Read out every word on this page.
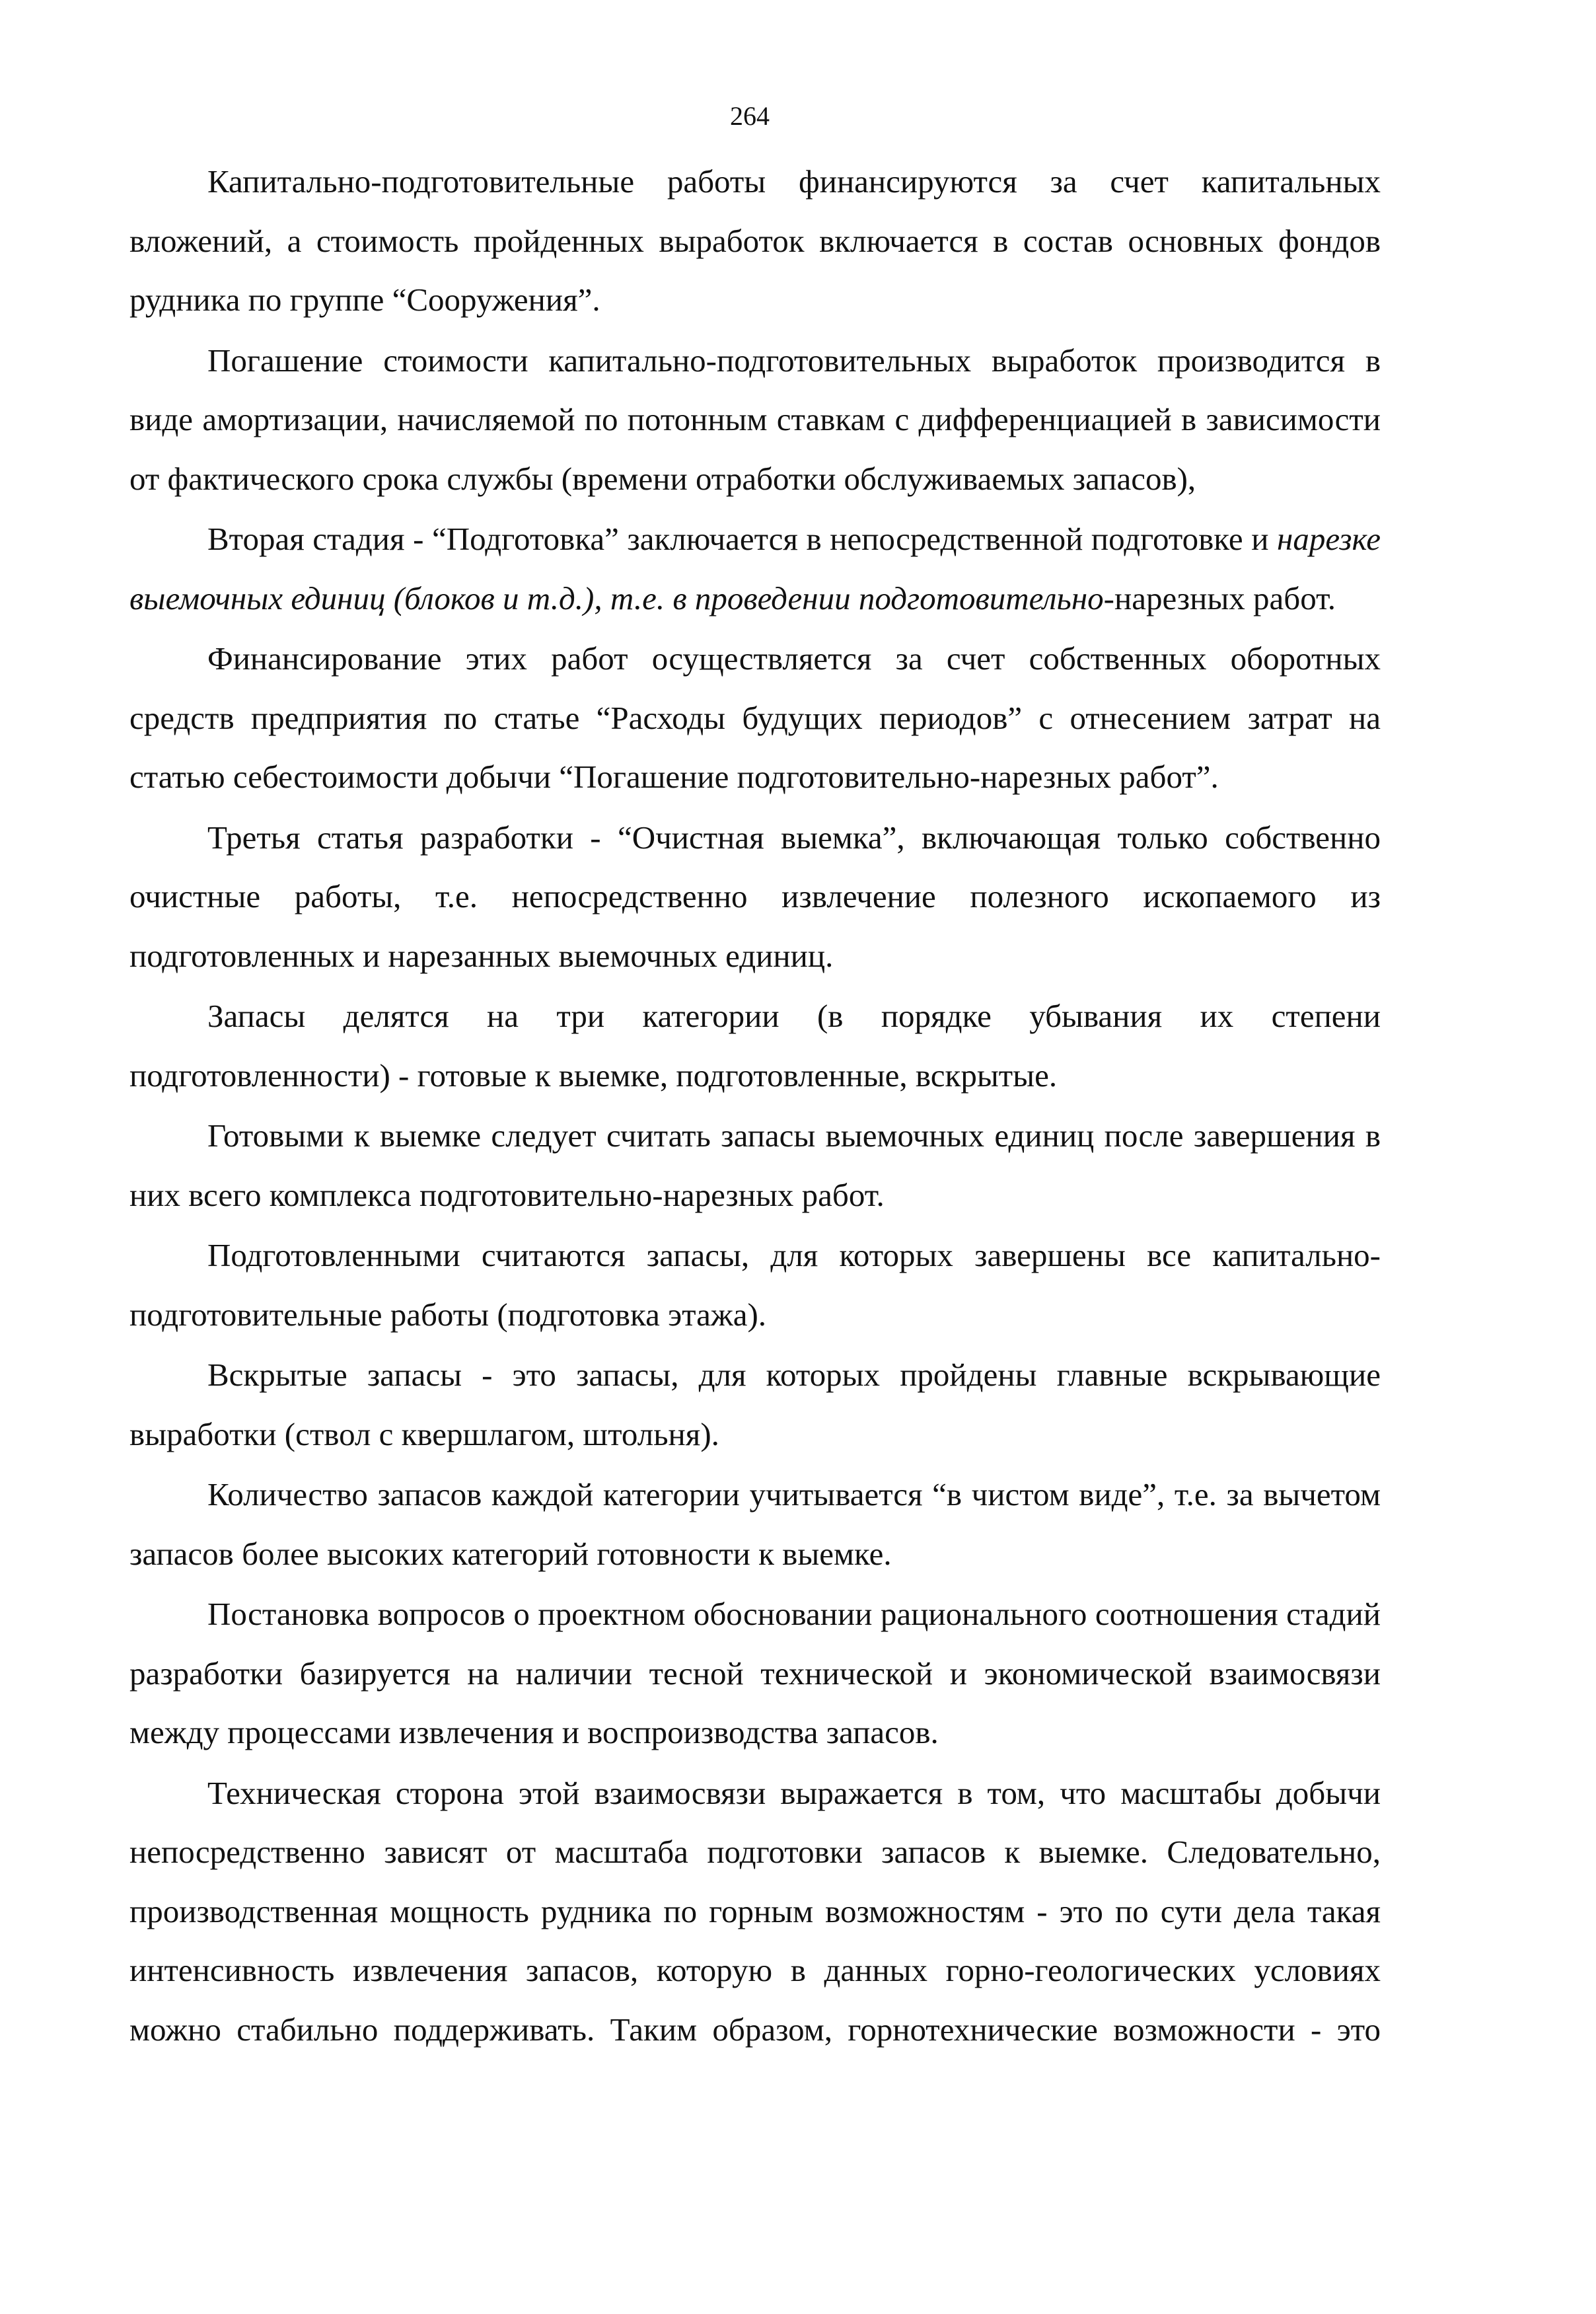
264

Капитально-подготовительные работы финансируются за счет капитальных вложений, а стоимость пройденных выработок включается в состав основных фондов рудника по группе “Сооружения”.

Погашение стоимости капитально-подготовительных выработок производится в виде амортизации, начисляемой по потонным ставкам с дифференциацией в зависимости от фактического срока службы (времени отработки обслуживаемых запасов),

Вторая стадия - “Подготовка” заключается в непосредственной подготовке и нарезке выемочных единиц (блоков и т.д.), т.е. в проведении подготовительно-нарезных работ.

Финансирование этих работ осуществляется за счет собственных оборотных средств предприятия по статье “Расходы будущих периодов” с отнесением затрат на статью себестоимости добычи “Погашение подготовительно-нарезных работ”.

Третья статья разработки - “Очистная выемка”, включающая только собственно очистные работы, т.е. непосредственно извлечение полезного ископаемого из подготовленных и нарезанных выемочных единиц.

Запасы делятся на три категории (в порядке убывания их степени подготовленности) - готовые к выемке, подготовленные, вскрытые.

Готовыми к выемке следует считать запасы выемочных единиц после завершения в них всего комплекса подготовительно-нарезных работ.

Подготовленными считаются запасы, для которых завершены все капитально-подготовительные работы (подготовка этажа).

Вскрытые запасы - это запасы, для которых пройдены главные вскрывающие выработки (ствол с квершлагом, штольня).

Количество запасов каждой категории учитывается “в чистом виде”, т.е. за вычетом запасов более высоких категорий готовности к выемке.

Постановка вопросов о проектном обосновании рационального соотношения стадий разработки базируется на наличии тесной технической и экономической взаимосвязи между процессами извлечения и воспроизводства запасов.

Техническая сторона этой взаимосвязи выражается в том, что масштабы добычи непосредственно зависят от масштаба подготовки запасов к выемке. Следовательно, производственная мощность рудника по горным возможностям - это по сути дела такая интенсивность извлечения запасов, которую в данных горно-геологических условиях можно стабильно поддерживать. Таким образом, горнотехнические возможности - это
